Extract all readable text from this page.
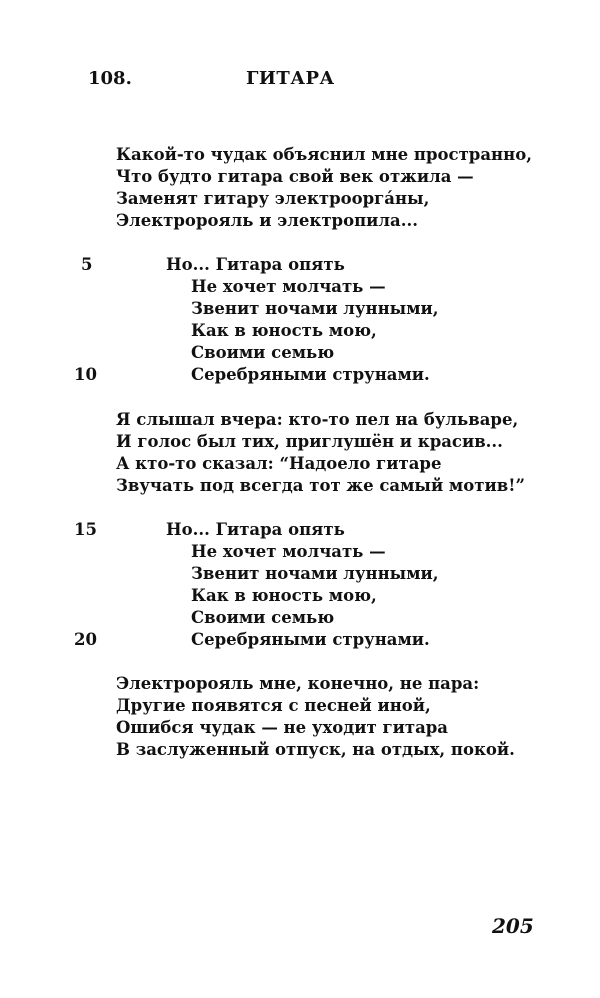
108.	ГИТАРА
Какой-то чудак объяснил мне пространно,
Что будто гитара свой век отжила —
Заменят гитару электрооргáны,
Электророяль и электропила...
5	Но... Гитара опять
Не хочет молчать —
Звенит ночами лунными,
Как в юность мою,
Своими семью
10	Серебряными струнами.
Я слышал вчера: кто-то пел на бульваре,
И голос был тих, приглушён и красив...
А кто-то сказал: “Надоело гитаре
Звучать под всегда тот же самый мотив!”
15	Но... Гитара опять
Не хочет молчать —
Звенит ночами лунными,
Как в юность мою,
Своими семью
20	Серебряными струнами.
Электророяль мне, конечно, не пара:
Другие появятся с песней иной,
Ошибся чудак — не уходит гитара
В заслуженный отпуск, на отдых, покой.
205
